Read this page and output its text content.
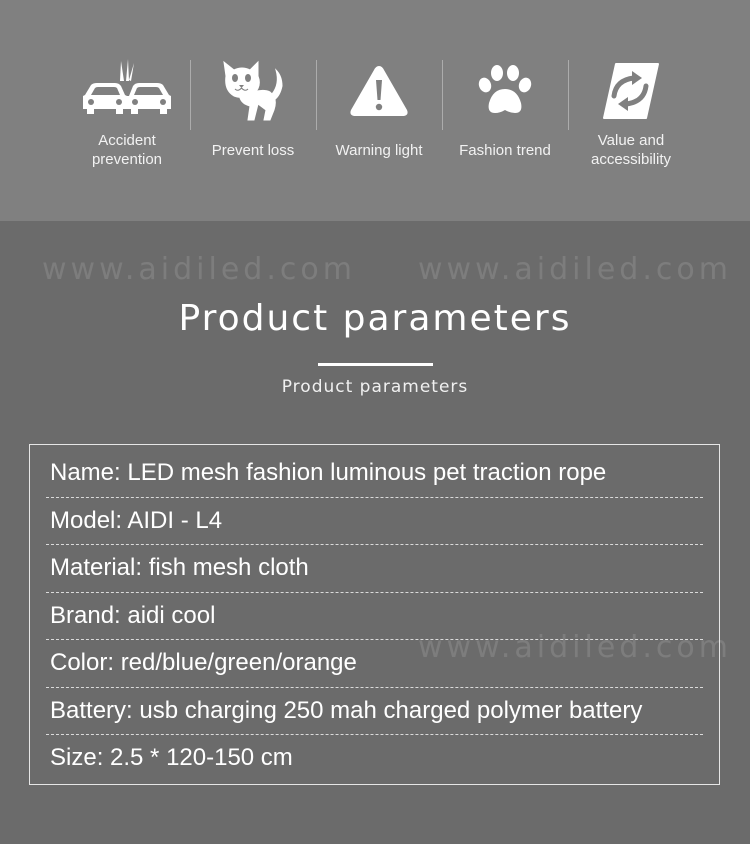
Accident prevention
Prevent loss	Warning light	Fashion trend
Value and accessibility
www.aidiled.com www.aidiled.com
www.aidiled.com
Product parameters
Product parameters
Name: LED mesh fashion luminous pet traction rope
Model: AIDI - L4
Material: fish mesh cloth
Brand: aidi cool
Color: red/blue/green/orange
Battery: usb charging 250 mah charged polymer battery
Size: 2.5 * 120-150 cm
